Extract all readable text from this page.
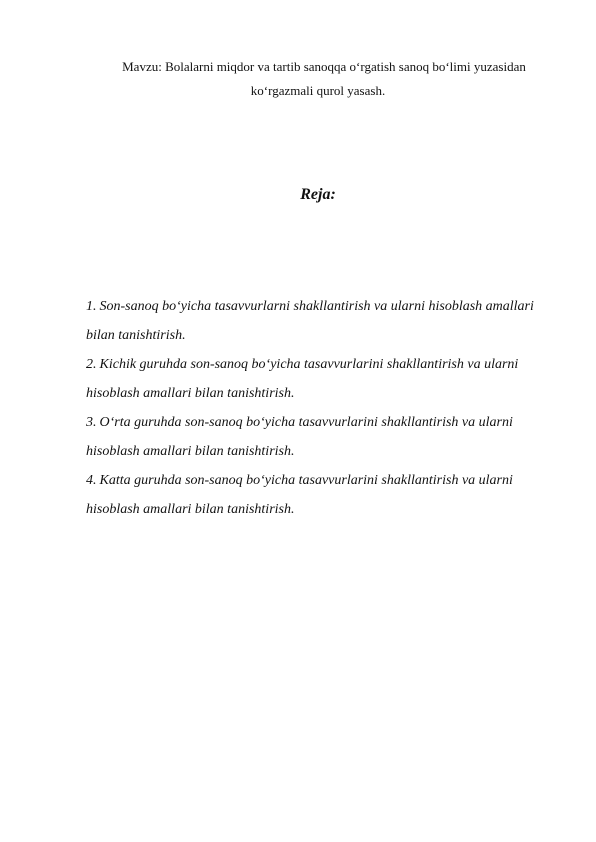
Mavzu: Bolalarni miqdor va tartib sanoqqa o‘rgatish sanoq bo‘limi yuzasidan
ko‘rgazmali qurol yasash.
Reja:

1. Son-sanoq bo‘yicha tasavvurlarni shakllantirish va ularni hisoblash amallari bilan tanishtirish.

2. Kichik guruhda son-sanoq bo‘yicha tasavvurlarini shakllantirish va ularni hisoblash amallari bilan tanishtirish.

3. O‘rta guruhda son-sanoq bo‘yicha tasavvurlarini shakllantirish va ularni hisoblash amallari bilan tanishtirish.

4. Katta guruhda son-sanoq bo‘yicha tasavvurlarini shakllantirish va ularni hisoblash amallari bilan tanishtirish.
